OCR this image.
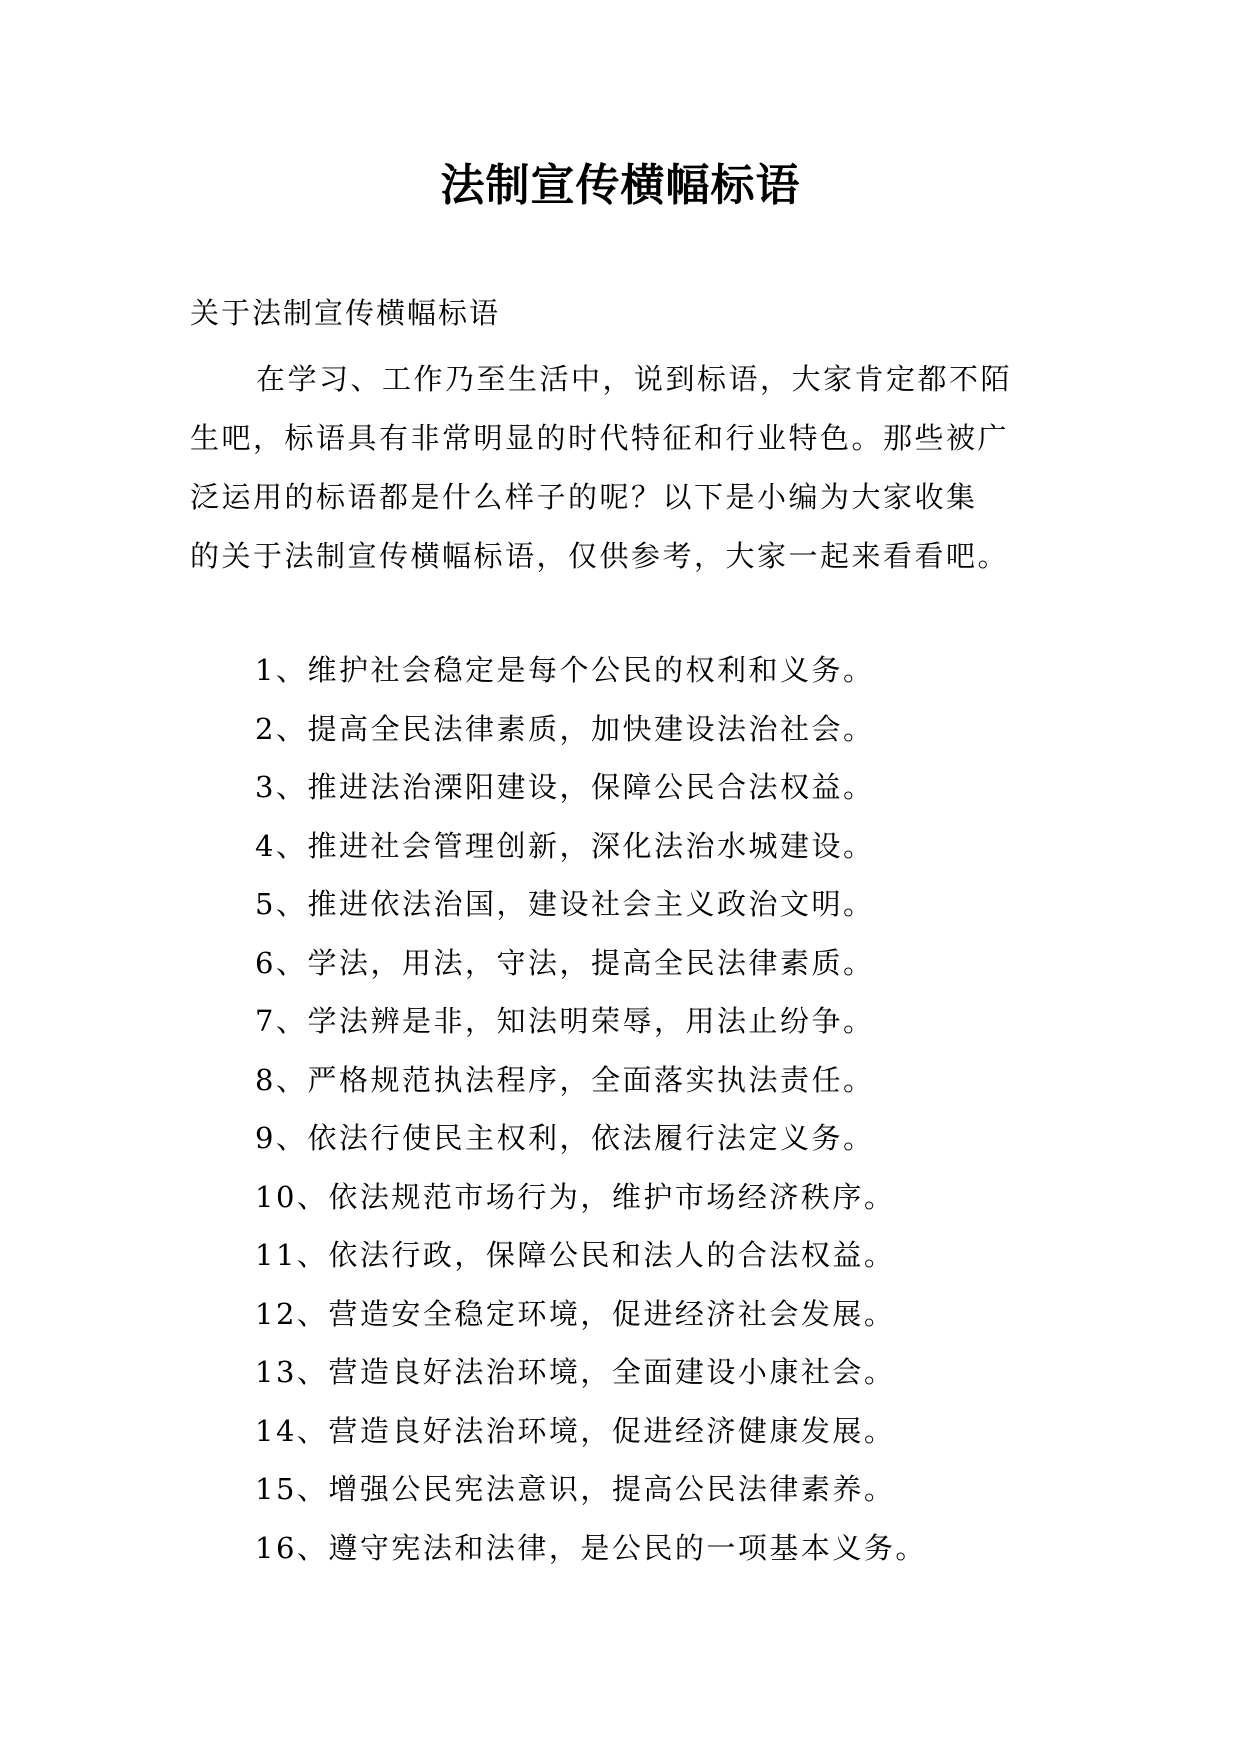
法制宣传横幅标语
关于法制宣传横幅标语
在学习、工作乃至生活中，说到标语，大家肯定都不陌
生吧，标语具有非常明显的时代特征和行业特色。那些被广
泛运用的标语都是什么样子的呢？以下是小编为大家收集
的关于法制宣传横幅标语，仅供参考，大家一起来看看吧。
1、维护社会稳定是每个公民的权利和义务。
2、提高全民法律素质，加快建设法治社会。
3、推进法治溧阳建设，保障公民合法权益。
4、推进社会管理创新，深化法治水城建设。
5、推进依法治国，建设社会主义政治文明。
6、学法，用法，守法，提高全民法律素质。
7、学法辨是非，知法明荣辱，用法止纷争。
8、严格规范执法程序，全面落实执法责任。
9、依法行使民主权利，依法履行法定义务。
10、依法规范市场行为，维护市场经济秩序。
11、依法行政，保障公民和法人的合法权益。
12、营造安全稳定环境，促进经济社会发展。
13、营造良好法治环境，全面建设小康社会。
14、营造良好法治环境，促进经济健康发展。
15、增强公民宪法意识，提高公民法律素养。
16、遵守宪法和法律，是公民的一项基本义务。
